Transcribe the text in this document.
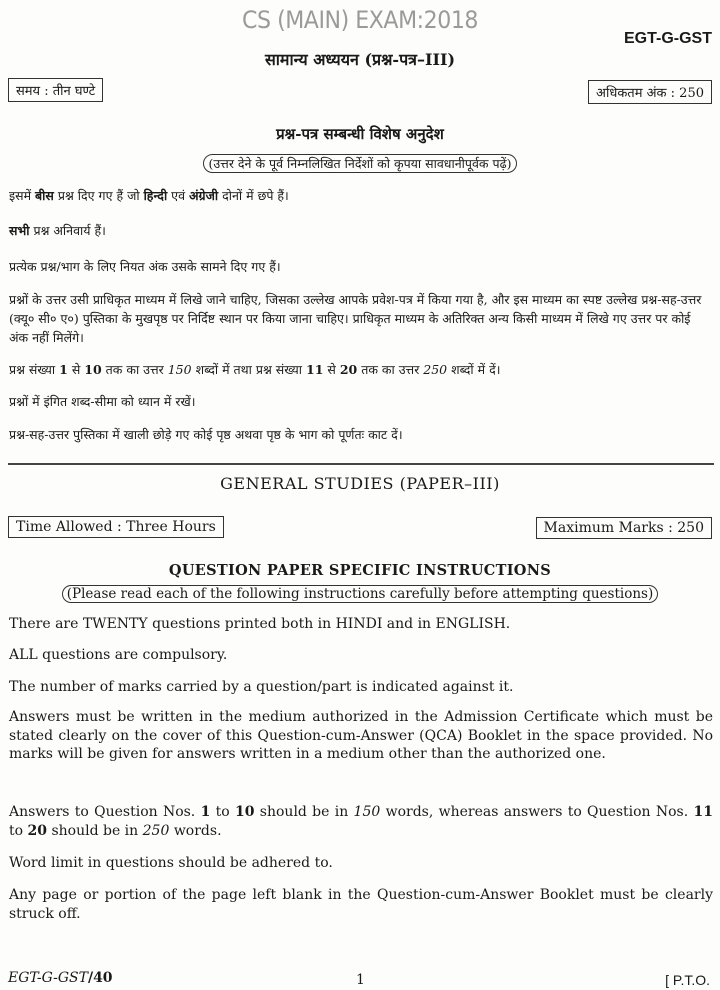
CS (MAIN) EXAM:2018
EGT-G-GST
सामान्य अध्ययन (प्रश्न-पत्र–III)
समय : तीन घण्टे	अधिकतम अंक : 250
प्रश्न-पत्र सम्बन्धी विशेष अनुदेश
(उत्तर देने के पूर्व निम्नलिखित निर्देशों को कृपया सावधानीपूर्वक पढ़ें)
इसमें बीस प्रश्न दिए गए हैं जो हिन्दी एवं अंग्रेजी दोनों में छपे हैं।
सभी प्रश्न अनिवार्य हैं।
प्रत्येक प्रश्न/भाग के लिए नियत अंक उसके सामने दिए गए हैं।
प्रश्नों के उत्तर उसी प्राधिकृत माध्यम में लिखे जाने चाहिए, जिसका उल्लेख आपके प्रवेश-पत्र में किया गया है, और इस माध्यम का स्पष्ट उल्लेख प्रश्न-सह-उत्तर (क्यू० सी० ए०) पुस्तिका के मुखपृष्ठ पर निर्दिष्ट स्थान पर किया जाना चाहिए। प्राधिकृत माध्यम के अतिरिक्त अन्य किसी माध्यम में लिखे गए उत्तर पर कोई अंक नहीं मिलेंगे।
प्रश्न संख्या 1 से 10 तक का उत्तर 150 शब्दों में तथा प्रश्न संख्या 11 से 20 तक का उत्तर 250 शब्दों में दें।
प्रश्नों में इंगित शब्द-सीमा को ध्यान में रखें।
प्रश्न-सह-उत्तर पुस्तिका में खाली छोड़े गए कोई पृष्ठ अथवा पृष्ठ के भाग को पूर्णतः काट दें।
GENERAL STUDIES (PAPER–III)
Time Allowed : Three Hours	Maximum Marks : 250
QUESTION PAPER SPECIFIC INSTRUCTIONS
(Please read each of the following instructions carefully before attempting questions)
There are TWENTY questions printed both in HINDI and in ENGLISH.
ALL questions are compulsory.
The number of marks carried by a question/part is indicated against it.
Answers must be written in the medium authorized in the Admission Certificate which must be stated clearly on the cover of this Question-cum-Answer (QCA) Booklet in the space provided. No marks will be given for answers written in a medium other than the authorized one.
Answers to Question Nos. 1 to 10 should be in 150 words, whereas answers to Question Nos. 11 to 20 should be in 250 words.
Word limit in questions should be adhered to.
Any page or portion of the page left blank in the Question-cum-Answer Booklet must be clearly struck off.
EGT-G-GST/40	1	[ P.T.O.
